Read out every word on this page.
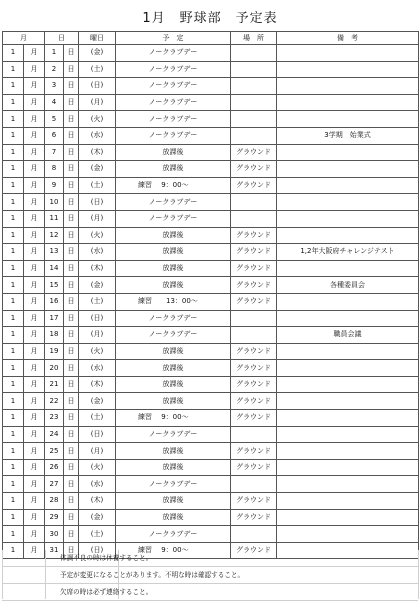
1月　野球部　予定表
月		日		曜日	予　定	場　所	備　考
1	月	1	日	(金)	ノークラブデー		
1	月	2	日	(土)	ノークラブデー		
1	月	3	日	(日)	ノークラブデー		
1	月	4	日	(月)	ノークラブデー		
1	月	5	日	(火)	ノークラブデー		
1	月	6	日	(水)	ノークラブデー		3学期　始業式
1	月	7	日	(木)	放課後	グラウンド	
1	月	8	日	(金)	放課後	グラウンド	
1	月	9	日	(土)	練習　 9：00～	グラウンド	
1	月	10	日	(日)	ノークラブデー		
1	月	11	日	(月)	ノークラブデー		
1	月	12	日	(火)	放課後	グラウンド	
1	月	13	日	(水)	放課後	グラウンド	1,2年大阪府チャレンジテスト
1	月	14	日	(木)	放課後	グラウンド	
1	月	15	日	(金)	放課後	グラウンド	各種委員会
1	月	16	日	(土)	練習　　13：00～	グラウンド	
1	月	17	日	(日)	ノークラブデー		
1	月	18	日	(月)	ノークラブデー		職員会議
1	月	19	日	(火)	放課後	グラウンド	
1	月	20	日	(水)	放課後	グラウンド	
1	月	21	日	(木)	放課後	グラウンド	
1	月	22	日	(金)	放課後	グラウンド	
1	月	23	日	(土)	練習　 9：00～	グラウンド	
1	月	24	日	(日)	ノークラブデー		
1	月	25	日	(月)	放課後	グラウンド	
1	月	26	日	(火)	放課後	グラウンド	
1	月	27	日	(水)	ノークラブデー		
1	月	28	日	(木)	放課後	グラウンド	
1	月	29	日	(金)	放課後	グラウンド	
1	月	30	日	(土)	ノークラブデー		
1	月	31	日	(日)	練習　 9：00～	グラウンド	
体調不良の時は休養すること。
予定が変更になることがあります。不明な時は確認すること。
欠席の時は必ず連絡すること。
